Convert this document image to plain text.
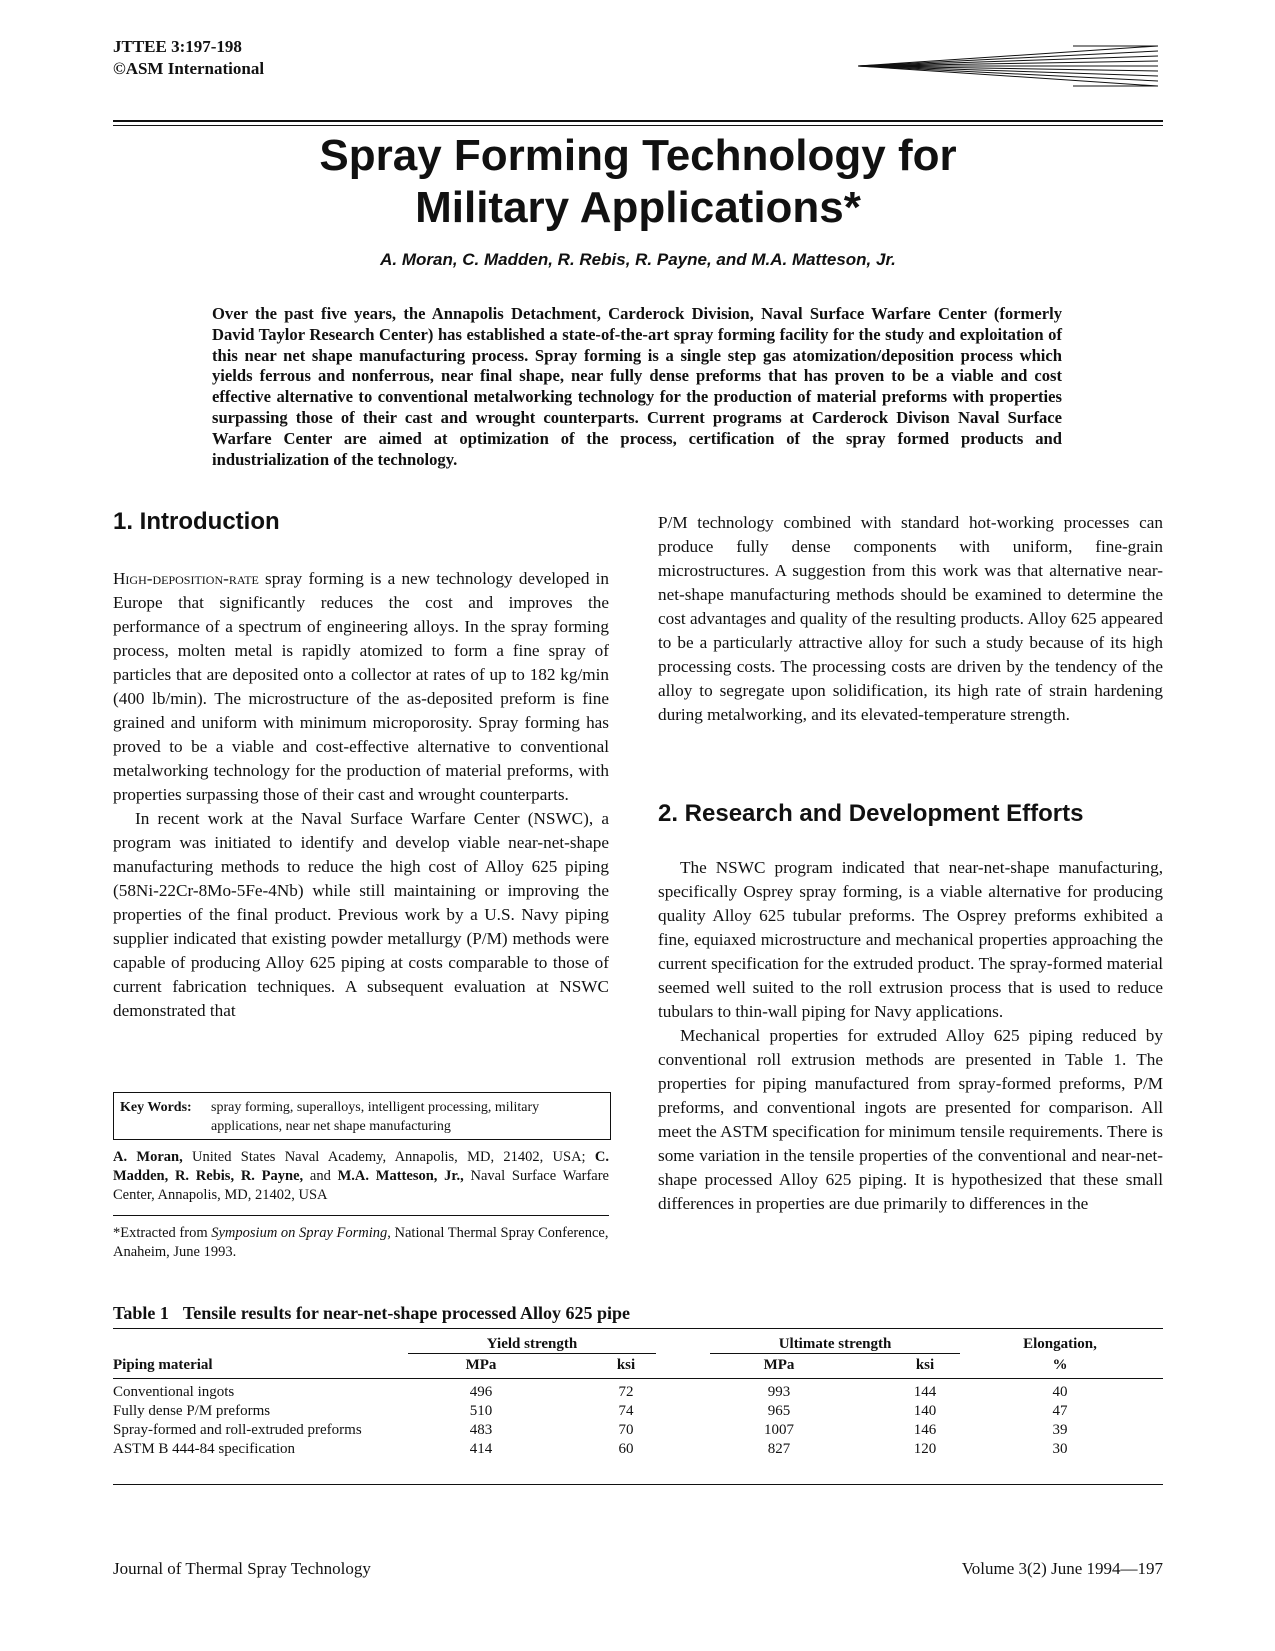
JTTEE 3:197-198
©ASM International
Spray Forming Technology for
Military Applications*
A. Moran, C. Madden, R. Rebis, R. Payne, and M.A. Matteson, Jr.
Over the past five years, the Annapolis Detachment, Carderock Division, Naval Surface Warfare Center (formerly David Taylor Research Center) has established a state-of-the-art spray forming facility for the study and exploitation of this near net shape manufacturing process. Spray forming is a single step gas atomization/deposition process which yields ferrous and nonferrous, near final shape, near fully dense preforms that has proven to be a viable and cost effective alternative to conventional metalworking technology for the production of material preforms with properties surpassing those of their cast and wrought counterparts. Current programs at Carderock Divison Naval Surface Warfare Center are aimed at optimization of the process, certification of the spray formed products and industrialization of the technology.
1. Introduction

High-deposition-rate spray forming is a new technology developed in Europe that significantly reduces the cost and improves the performance of a spectrum of engineering alloys. In the spray forming process, molten metal is rapidly atomized to form a fine spray of particles that are deposited onto a collector at rates of up to 182 kg/min (400 lb/min). The microstructure of the as-deposited preform is fine grained and uniform with minimum microporosity. Spray forming has proved to be a viable and cost-effective alternative to conventional metalworking technology for the production of material preforms, with properties surpassing those of their cast and wrought counterparts.

In recent work at the Naval Surface Warfare Center (NSWC), a program was initiated to identify and develop viable near-net-shape manufacturing methods to reduce the high cost of Alloy 625 piping (58Ni-22Cr-8Mo-5Fe-4Nb) while still maintaining or improving the properties of the final product. Previous work by a U.S. Navy piping supplier indicated that existing powder metallurgy (P/M) methods were capable of producing Alloy 625 piping at costs comparable to those of current fabrication techniques. A subsequent evaluation at NSWC demonstrated that

Key Words: spray forming, superalloys, intelligent processing, military applications, near net shape manufacturing
A. Moran, United States Naval Academy, Annapolis, MD, 21402, USA; C. Madden, R. Rebis, R. Payne, and M.A. Matteson, Jr., Naval Surface Warfare Center, Annapolis, MD, 21402, USA
*Extracted from Symposium on Spray Forming, National Thermal Spray Conference, Anaheim, June 1993.

P/M technology combined with standard hot-working processes can produce fully dense components with uniform, fine-grain microstructures. A suggestion from this work was that alternative near-net-shape manufacturing methods should be examined to determine the cost advantages and quality of the resulting products. Alloy 625 appeared to be a particularly attractive alloy for such a study because of its high processing costs. The processing costs are driven by the tendency of the alloy to segregate upon solidification, its high rate of strain hardening during metalworking, and its elevated-temperature strength.

2. Research and Development Efforts

The NSWC program indicated that near-net-shape manufacturing, specifically Osprey spray forming, is a viable alternative for producing quality Alloy 625 tubular preforms. The Osprey preforms exhibited a fine, equiaxed microstructure and mechanical properties approaching the current specification for the extruded product. The spray-formed material seemed well suited to the roll extrusion process that is used to reduce tubulars to thin-wall piping for Navy applications.

Mechanical properties for extruded Alloy 625 piping reduced by conventional roll extrusion methods are presented in Table 1. The properties for piping manufactured from spray-formed preforms, P/M preforms, and conventional ingots are presented for comparison. All meet the ASTM specification for minimum tensile requirements. There is some variation in the tensile properties of the conventional and near-net-shape processed Alloy 625 piping. It is hypothesized that these small differences in properties are due primarily to differences in the

Table 1 Tensile results for near-net-shape processed Alloy 625 pipe
Yield strength	Ultimate strength	Elongation,
Piping material	MPa	ksi	MPa	ksi	%
Conventional ingots	496	72	993	144	40
Fully dense P/M preforms	510	74	965	140	47
Spray-formed and roll-extruded preforms	483	70	1007	146	39
ASTM B 444-84 specification	414	60	827	120	30
Journal of Thermal Spray Technology	Volume 3(2) June 1994—197
